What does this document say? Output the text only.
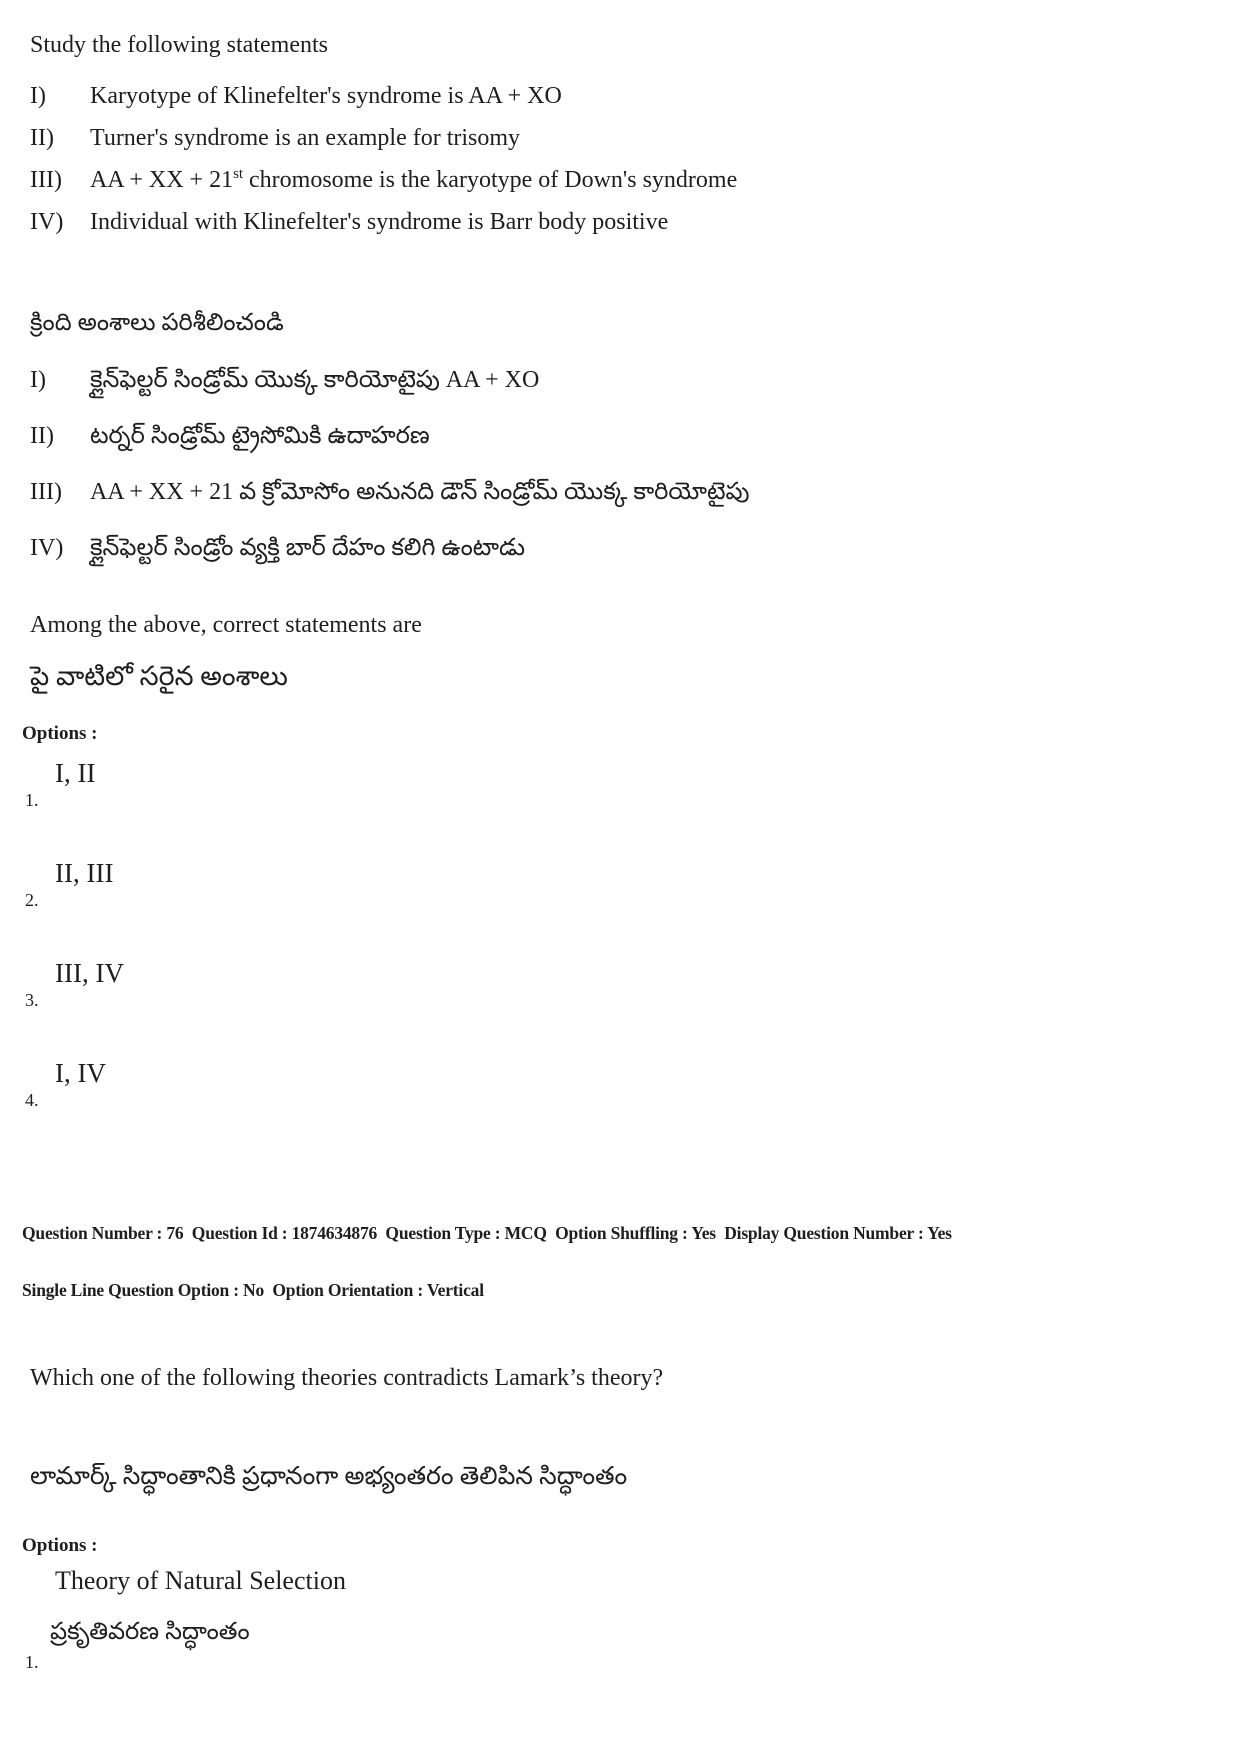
Study the following statements

I)	Karyotype of Klinefelter's syndrome is AA + XO
II)	Turner's syndrome is an example for trisomy
III)	AA + XX + 21st chromosome is the karyotype of Down's syndrome
IV)	Individual with Klinefelter's syndrome is Barr body positive

క్రింది అంశాలు పరిశీలించండి

I)	క్లైన్‌ఫెల్టర్ సిండ్రోమ్ యొక్క కారియోటైపు AA + XO
II)	టర్నర్ సిండ్రోమ్ ట్రైసోమికి ఉదాహరణ
III)	AA + XX + 21 వ క్రోమోసోం అనునది డౌన్ సిండ్రోమ్ యొక్క కారియోటైపు
IV)	క్లైన్‌ఫెల్టర్ సిండ్రోం వ్యక్తి బార్ దేహం కలిగి ఉంటాడు

Among the above, correct statements are

పై వాటిలో సరైన అంశాలు

Options :

I, II
1.
II, III
2.
III, IV
3.
I, IV
4.

Question Number : 76  Question Id : 1874634876  Question Type : MCQ  Option Shuffling : Yes  Display Question Number : Yes

Single Line Question Option : No  Option Orientation : Vertical

Which one of the following theories contradicts Lamark’s theory?

లామార్క్ సిద్ధాంతానికి ప్రధానంగా అభ్యంతరం తెలిపిన సిద్ధాంతం

Options :

Theory of Natural Selection
ప్రకృతివరణ సిద్ధాంతం
1.
